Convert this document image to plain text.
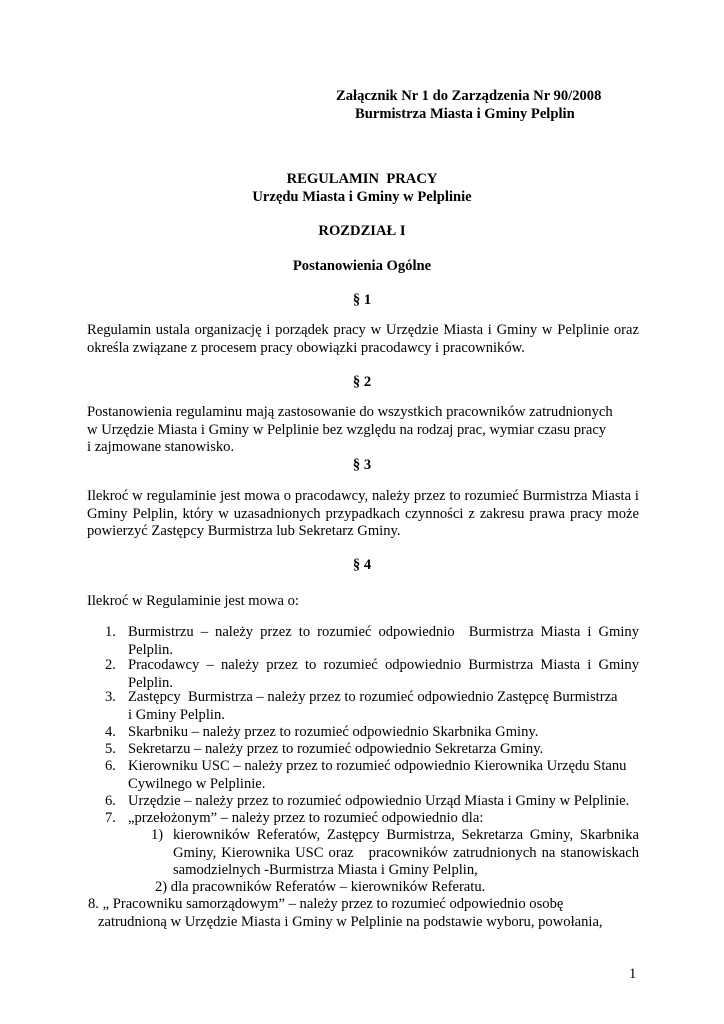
Załącznik Nr 1 do Zarządzenia Nr 90/2008
Burmistrza Miasta i Gminy Pelplin
REGULAMIN  PRACY
Urzędu Miasta i Gminy w Pelplinie
ROZDZIAŁ I
Postanowienia Ogólne
§ 1
Regulamin ustala organizację i porządek pracy w Urzędzie Miasta i Gminy w Pelplinie oraz
określa związane z procesem pracy obowiązki pracodawcy i pracowników.
§ 2
Postanowienia regulaminu mają zastosowanie do wszystkich pracowników zatrudnionych
w Urzędzie Miasta i Gminy w Pelplinie bez względu na rodzaj prac, wymiar czasu pracy
i zajmowane stanowisko.
§ 3
Ilekroć w regulaminie jest mowa o pracodawcy, należy przez to rozumieć Burmistrza Miasta i
Gminy Pelplin, który w uzasadnionych przypadkach czynności z zakresu prawa pracy może
powierzyć Zastępcy Burmistrza lub Sekretarz Gminy.
§ 4
Ilekroć w Regulaminie jest mowa o:
1. Burmistrzu – należy przez to rozumieć odpowiednio  Burmistrza Miasta i Gminy
Pelplin.
2. Pracodawcy – należy przez to rozumieć odpowiednio Burmistrza Miasta i Gminy
Pelplin.
3. Zastępcy  Burmistrza – należy przez to rozumieć odpowiednio Zastępcę Burmistrza
i Gminy Pelplin.
4. Skarbniku – należy przez to rozumieć odpowiednio Skarbnika Gminy.
5. Sekretarzu – należy przez to rozumieć odpowiednio Sekretarza Gminy.
6. Kierowniku USC – należy przez to rozumieć odpowiednio Kierownika Urzędu Stanu
Cywilnego w Pelplinie.
6. Urzędzie – należy przez to rozumieć odpowiednio Urząd Miasta i Gminy w Pelplinie.
7. „przełożonym” – należy przez to rozumieć odpowiednio dla:
1) kierowników Referatów, Zastępcy Burmistrza, Sekretarza Gminy, Skarbnika
Gminy, Kierownika USC oraz   pracowników zatrudnionych na stanowiskach
samodzielnych -Burmistrza Miasta i Gminy Pelplin,
2) dla pracowników Referatów – kierowników Referatu.
8. „ Pracowniku samorządowym” – należy przez to rozumieć odpowiednio osobę
zatrudnioną w Urzędzie Miasta i Gminy w Pelplinie na podstawie wyboru, powołania,
1
